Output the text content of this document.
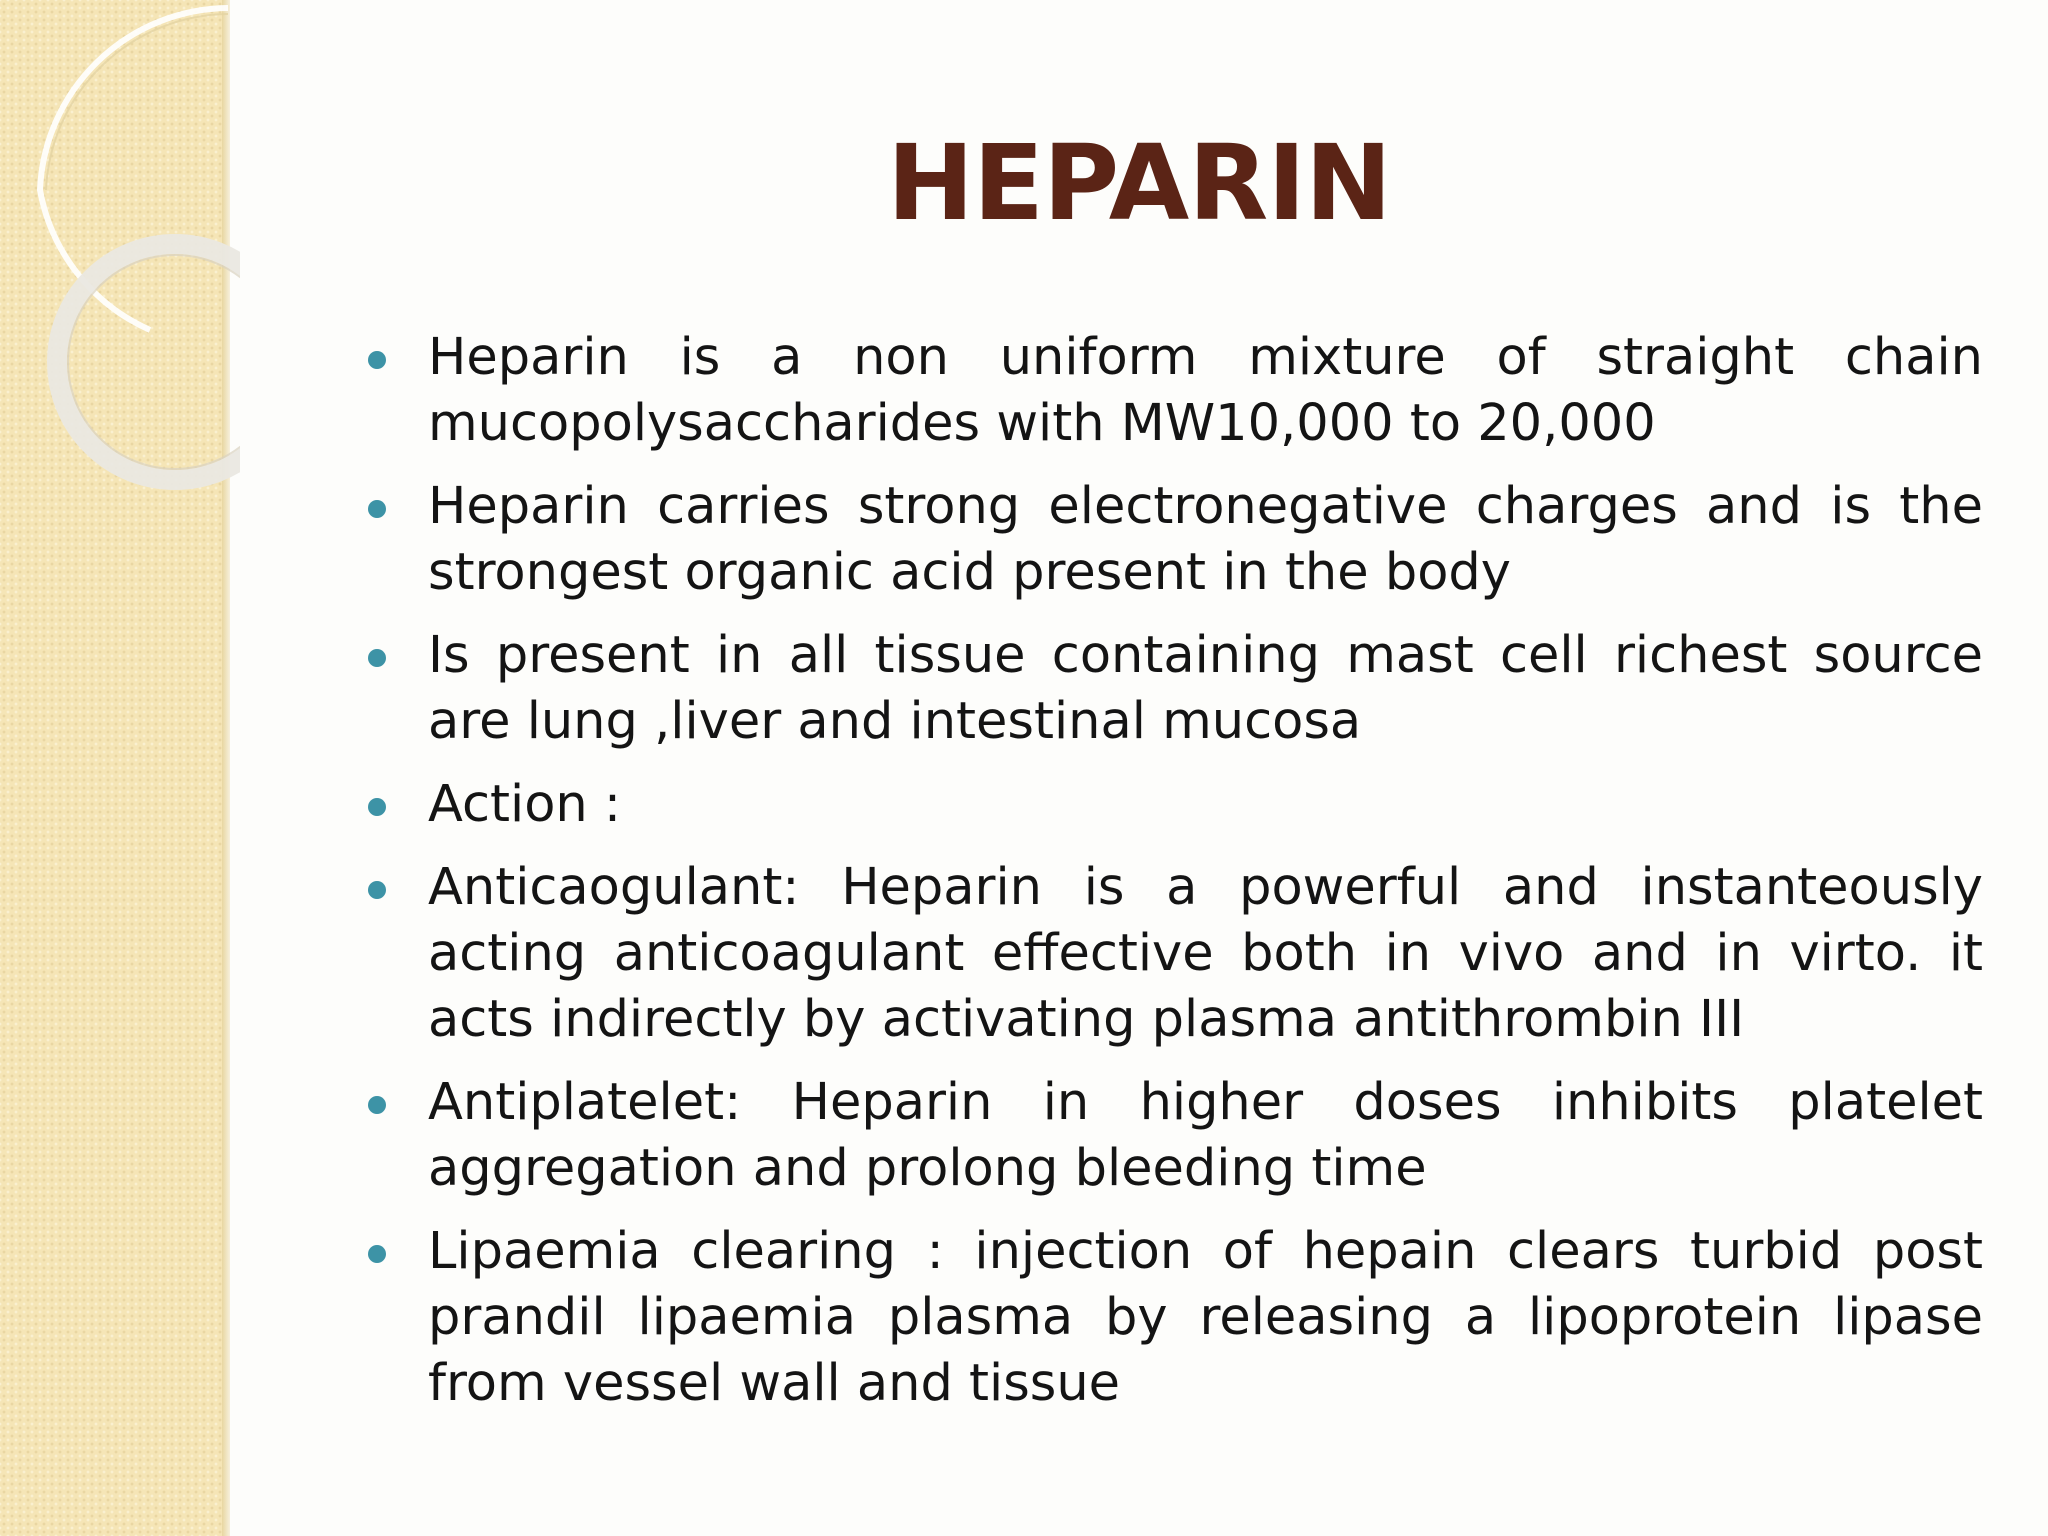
HEPARIN
Heparin is a non uniform mixture of straight chain mucopolysaccharides with MW10,000 to 20,000
Heparin carries strong electronegative charges and is the strongest organic acid present in the body
Is present in all tissue containing mast cell richest source are lung ,liver and intestinal mucosa
Action :
Anticaogulant: Heparin is a powerful and instanteously acting anticoagulant effective both in vivo and in virto. it acts indirectly by activating plasma antithrombin III
Antiplatelet: Heparin in higher doses inhibits platelet aggregation and prolong bleeding time
Lipaemia clearing : injection of hepain clears turbid post prandil lipaemia plasma by releasing a lipoprotein lipase from vessel wall and tissue
